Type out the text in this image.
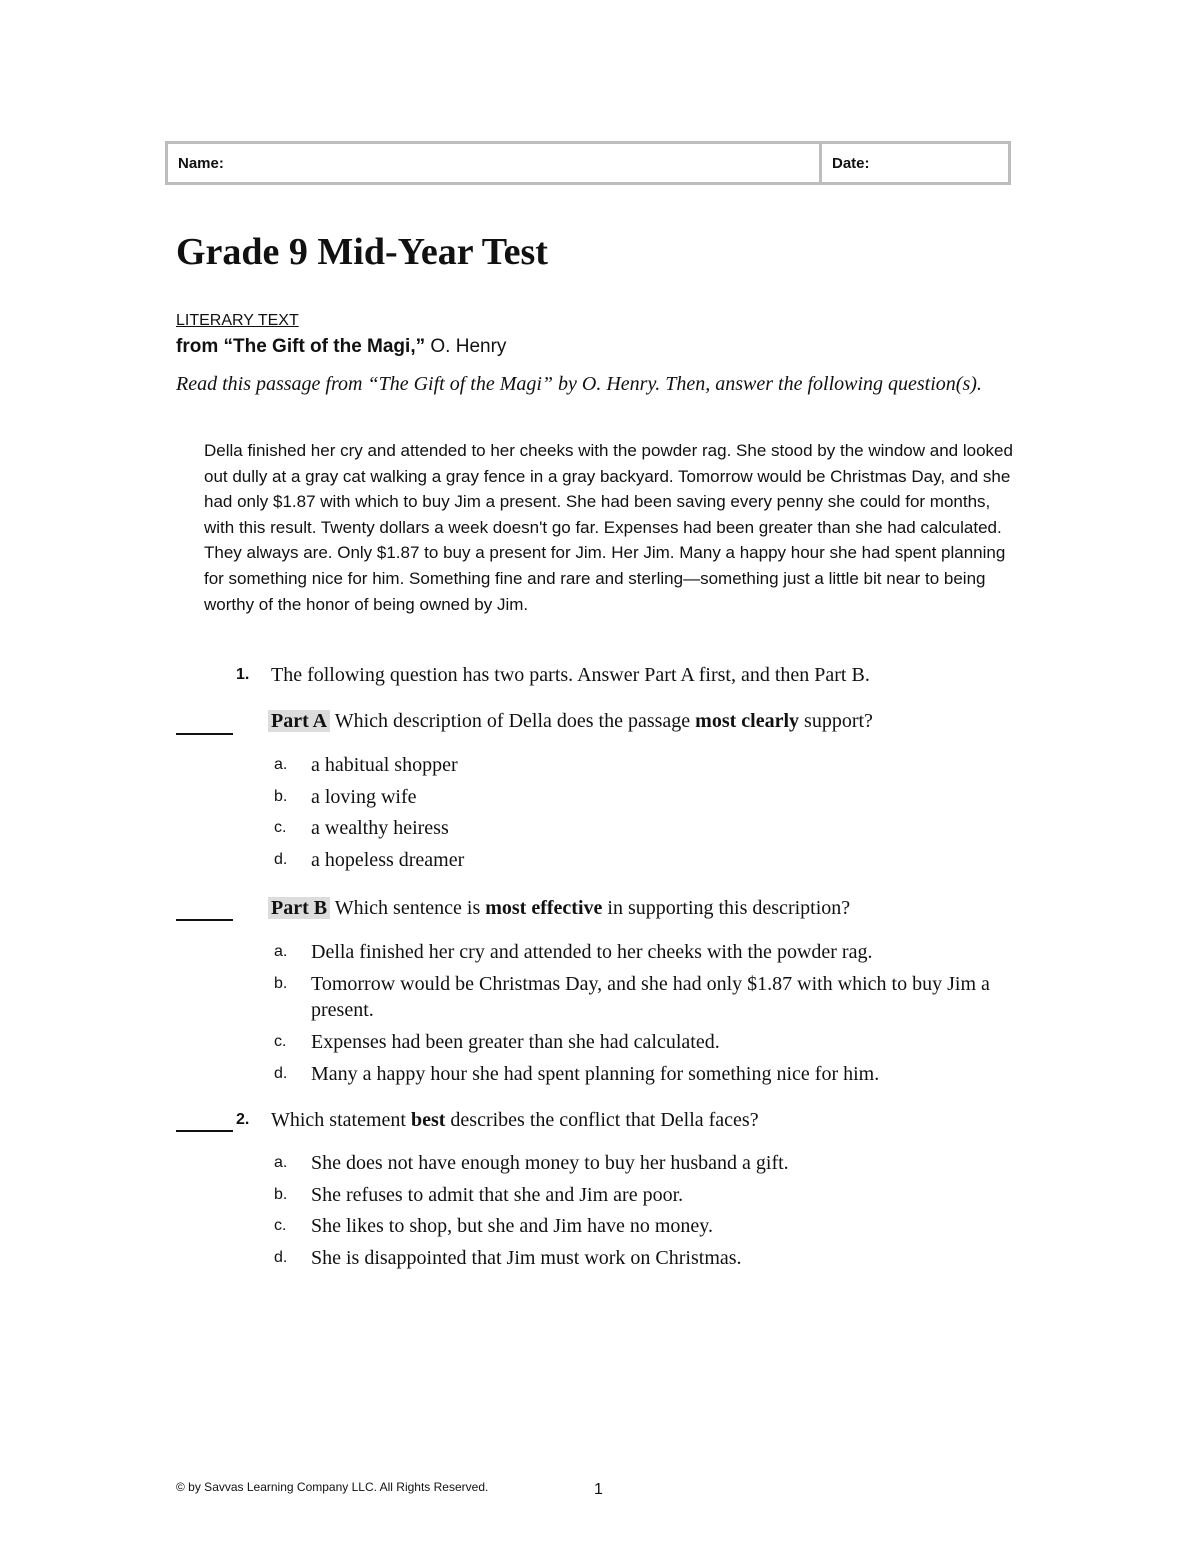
Name:	Date:
Grade 9 Mid-Year Test
LITERARY TEXT
from “The Gift of the Magi,” O. Henry
Read this passage from “The Gift of the Magi” by O. Henry. Then, answer the following question(s).
Della finished her cry and attended to her cheeks with the powder rag. She stood by the window and looked out dully at a gray cat walking a gray fence in a gray backyard. Tomorrow would be Christmas Day, and she had only $1.87 with which to buy Jim a present. She had been saving every penny she could for months, with this result. Twenty dollars a week doesn't go far. Expenses had been greater than she had calculated. They always are. Only $1.87 to buy a present for Jim. Her Jim. Many a happy hour she had spent planning for something nice for him. Something fine and rare and sterling—something just a little bit near to being worthy of the honor of being owned by Jim.
1. The following question has two parts. Answer Part A first, and then Part B.
Part A Which description of Della does the passage most clearly support?
a. a habitual shopper
b. a loving wife
c. a wealthy heiress
d. a hopeless dreamer
Part B Which sentence is most effective in supporting this description?
a. Della finished her cry and attended to her cheeks with the powder rag.
b. Tomorrow would be Christmas Day, and she had only $1.87 with which to buy Jim a present.
c. Expenses had been greater than she had calculated.
d. Many a happy hour she had spent planning for something nice for him.
2. Which statement best describes the conflict that Della faces?
a. She does not have enough money to buy her husband a gift.
b. She refuses to admit that she and Jim are poor.
c. She likes to shop, but she and Jim have no money.
d. She is disappointed that Jim must work on Christmas.
© by Savvas Learning Company LLC. All Rights Reserved.	1
